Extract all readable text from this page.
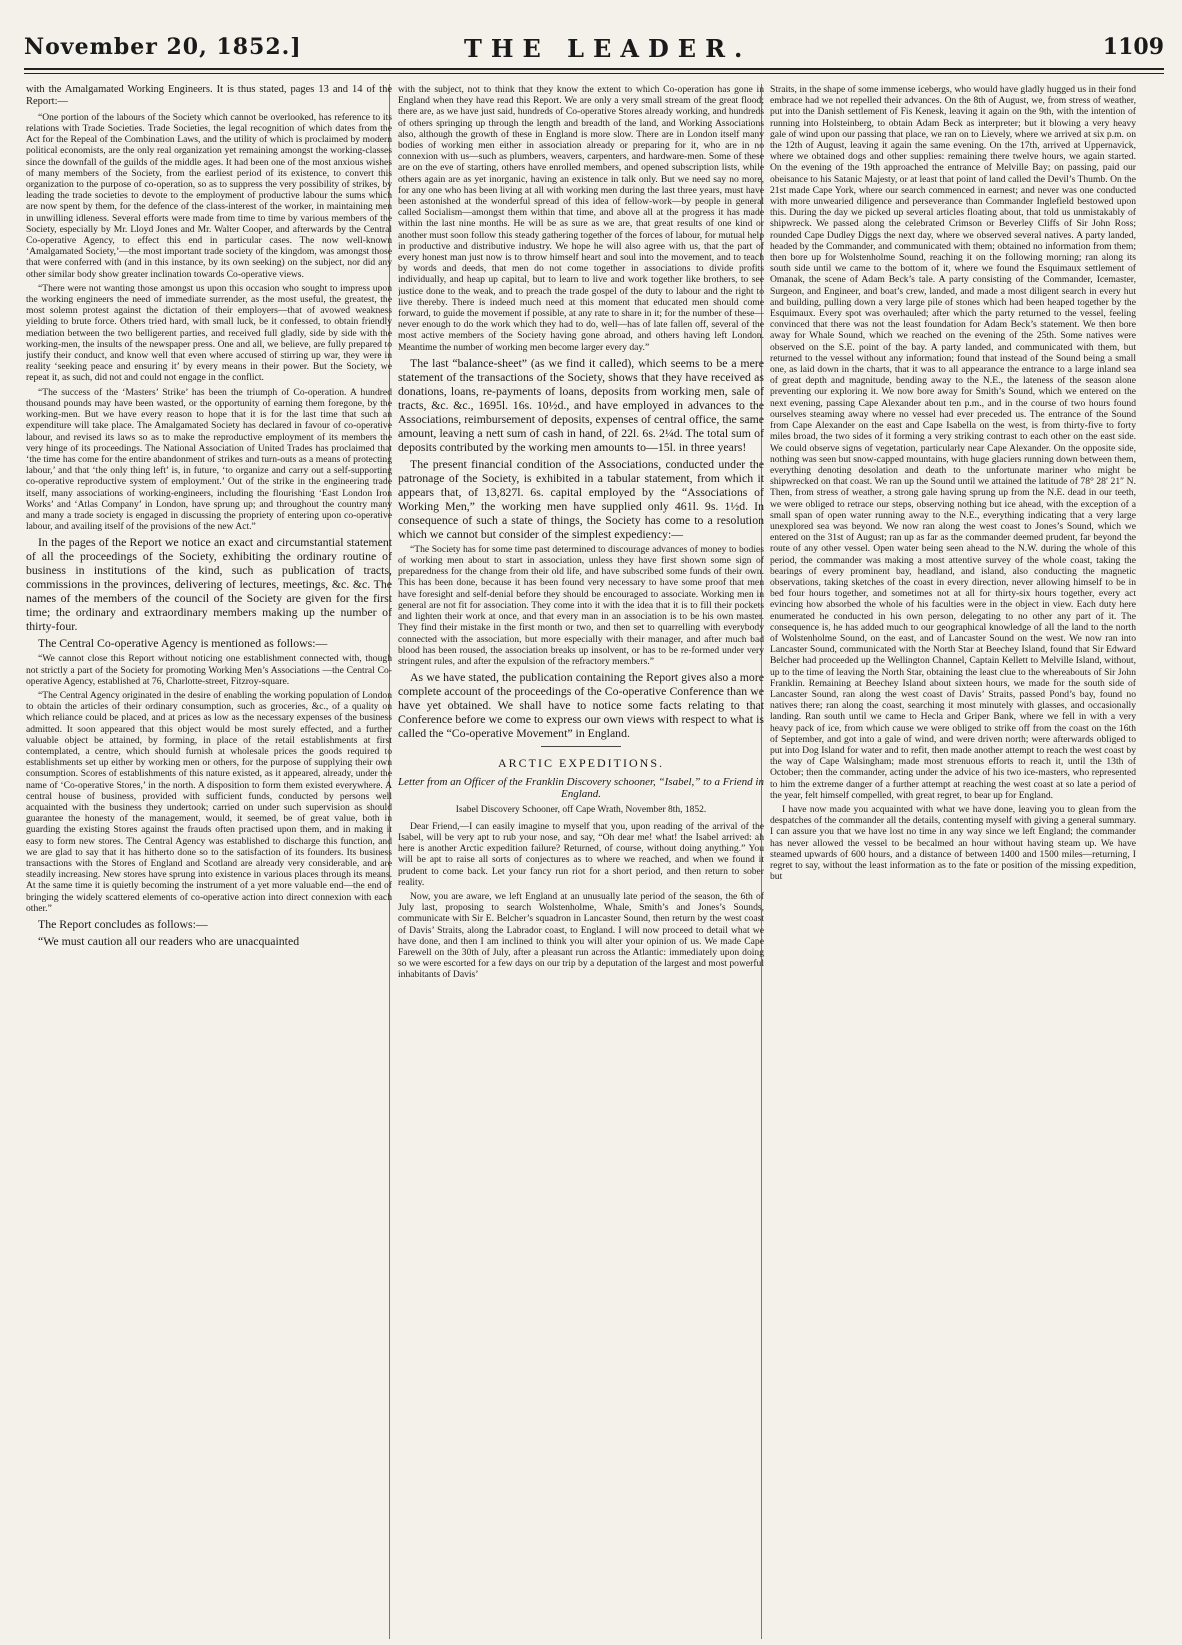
November 20, 1852.]	THE LEADER.	1109

with the Amalgamated Working Engineers. It is thus stated, pages 13 and 14 of the Report:—

“One portion of the labours of the Society which cannot be overlooked, has reference to its relations with Trade Societies. Trade Societies, the legal recognition of which dates from the Act for the Repeal of the Combination Laws, and the utility of which is proclaimed by modern political economists, are the only real organization yet remaining amongst the working-classes since the downfall of the guilds of the middle ages. It had been one of the most anxious wishes of many members of the Society, from the earliest period of its existence, to convert this organization to the purpose of co-operation, so as to suppress the very possibility of strikes, by leading the trade societies to devote to the employment of productive labour the sums which are now spent by them, for the defence of the class-interest of the worker, in maintaining men in unwilling idleness. Several efforts were made from time to time by various members of the Society, especially by Mr. Lloyd Jones and Mr. Walter Cooper, and afterwards by the Central Co-operative Agency, to effect this end in particular cases. The now well-known ‘Amalgamated Society,’—the most important trade society of the kingdom, was amongst those that were conferred with (and in this instance, by its own seeking) on the subject, nor did any other similar body show greater inclination towards Co-operative views.

“There were not wanting those amongst us upon this occasion who sought to impress upon the working engineers the need of immediate surrender, as the most useful, the greatest, the most solemn protest against the dictation of their employers—that of avowed weakness yielding to brute force. Others tried hard, with small luck, be it confessed, to obtain friendly mediation between the two belligerent parties, and received full gladly, side by side with the working-men, the insults of the newspaper press. One and all, we believe, are fully prepared to justify their conduct, and know well that even where accused of stirring up war, they were in reality ‘seeking peace and ensuring it’ by every means in their power. But the Society, we repeat it, as such, did not and could not engage in the conflict.

“The success of the ‘Masters’ Strike’ has been the triumph of Co-operation. A hundred thousand pounds may have been wasted, or the opportunity of earning them foregone, by the working-men. But we have every reason to hope that it is for the last time that such an expenditure will take place. The Amalgamated Society has declared in favour of co-operative labour, and revised its laws so as to make the reproductive employment of its members the very hinge of its proceedings. The National Association of United Trades has proclaimed that ‘the time has come for the entire abandonment of strikes and turn-outs as a means of protecting labour,’ and that ‘the only thing left’ is, in future, ‘to organize and carry out a self-supporting co-operative reproductive system of employment.’ Out of the strike in the engineering trade itself, many associations of working-engineers, including the flourishing ‘East London Iron Works’ and ‘Atlas Company’ in London, have sprung up; and throughout the country many and many a trade society is engaged in discussing the propriety of entering upon co-operative labour, and availing itself of the provisions of the new Act.”

In the pages of the Report we notice an exact and circumstantial statement of all the proceedings of the Society, exhibiting the ordinary routine of business in institutions of the kind, such as publication of tracts, commissions in the provinces, delivering of lectures, meetings, &c. &c. The names of the members of the council of the Society are given for the first time; the ordinary and extraordinary members making up the number of thirty-four.

The Central Co-operative Agency is mentioned as follows:—

“We cannot close this Report without noticing one establishment connected with, though not strictly a part of the Society for promoting Working Men’s Associations —the Central Co-operative Agency, established at 76, Charlotte-street, Fitzroy-square.

“The Central Agency originated in the desire of enabling the working population of London to obtain the articles of their ordinary consumption, such as groceries, &c., of a quality on which reliance could be placed, and at prices as low as the necessary expenses of the business admitted. It soon appeared that this object would be most surely effected, and a further valuable object be attained, by forming, in place of the retail establishments at first contemplated, a centre, which should furnish at wholesale prices the goods required to establishments set up either by working men or others, for the purpose of supplying their own consumption. Scores of establishments of this nature existed, as it appeared, already, under the name of ‘Co-operative Stores,’ in the north. A disposition to form them existed everywhere. A central house of business, provided with sufficient funds, conducted by persons well acquainted with the business they undertook; carried on under such supervision as should guarantee the honesty of the management, would, it seemed, be of great value, both in guarding the existing Stores against the frauds often practised upon them, and in making it easy to form new stores. The Central Agency was established to discharge this function, and we are glad to say that it has hitherto done so to the satisfaction of its founders. Its business transactions with the Stores of England and Scotland are already very considerable, and are steadily increasing. New stores have sprung into existence in various places through its means. At the same time it is quietly becoming the instrument of a yet more valuable end—the end of bringing the widely scattered elements of co-operative action into direct connexion with each other.”

The Report concludes as follows:—

“We must caution all our readers who are unacquainted

with the subject, not to think that they know the extent to which Co-operation has gone in England when they have read this Report. We are only a very small stream of the great flood; there are, as we have just said, hundreds of Co-operative Stores already working, and hundreds of others springing up through the length and breadth of the land, and Working Associations also, although the growth of these in England is more slow. There are in London itself many bodies of working men either in association already or preparing for it, who are in no connexion with us—such as plumbers, weavers, carpenters, and hardware-men. Some of these are on the eve of starting, others have enrolled members, and opened subscription lists, while others again are as yet inorganic, having an existence in talk only. But we need say no more, for any one who has been living at all with working men during the last three years, must have been astonished at the wonderful spread of this idea of fellow-work—by people in general called Socialism—amongst them within that time, and above all at the progress it has made within the last nine months. He will be as sure as we are, that great results of one kind or another must soon follow this steady gathering together of the forces of labour, for mutual help in productive and distributive industry. We hope he will also agree with us, that the part of every honest man just now is to throw himself heart and soul into the movement, and to teach by words and deeds, that men do not come together in associations to divide profits individually, and heap up capital, but to learn to live and work together like brothers, to see justice done to the weak, and to preach the trade gospel of the duty to labour and the right to live thereby. There is indeed much need at this moment that educated men should come forward, to guide the movement if possible, at any rate to share in it; for the number of these—never enough to do the work which they had to do, well—has of late fallen off, several of the most active members of the Society having gone abroad, and others having left London. Meantime the number of working men become larger every day.”

The last “balance-sheet” (as we find it called), which seems to be a mere statement of the transactions of the Society, shows that they have received as donations, loans, re-payments of loans, deposits from working men, sale of tracts, &c. &c., 1695l. 16s. 10½d., and have employed in advances to the Associations, reimbursement of deposits, expenses of central office, the same amount, leaving a nett sum of cash in hand, of 22l. 6s. 2¼d. The total sum of deposits contributed by the working men amounts to—15l. in three years!

The present financial condition of the Associations, conducted under the patronage of the Society, is exhibited in a tabular statement, from which it appears that, of 13,827l. 6s. capital employed by the “Associations of Working Men,” the working men have supplied only 461l. 9s. 1½d. In consequence of such a state of things, the Society has come to a resolution which we cannot but consider of the simplest expediency:—

“The Society has for some time past determined to discourage advances of money to bodies of working men about to start in association, unless they have first shown some sign of preparedness for the change from their old life, and have subscribed some funds of their own. This has been done, because it has been found very necessary to have some proof that men have foresight and self-denial before they should be encouraged to associate. Working men in general are not fit for association. They come into it with the idea that it is to fill their pockets and lighten their work at once, and that every man in an association is to be his own master. They find their mistake in the first month or two, and then set to quarrelling with everybody connected with the association, but more especially with their manager, and after much bad blood has been roused, the association breaks up insolvent, or has to be re-formed under very stringent rules, and after the expulsion of the refractory members.”

As we have stated, the publication containing the Report gives also a more complete account of the proceedings of the Co-operative Conference than we have yet obtained. We shall have to notice some facts relating to that Conference before we come to express our own views with respect to what is called the “Co-operative Movement” in England.

ARCTIC EXPEDITIONS.

Letter from an Officer of the Franklin Discovery schooner, “Isabel,” to a Friend in England.

Isabel Discovery Schooner, off Cape Wrath, November 8th, 1852.

Dear Friend,—I can easily imagine to myself that you, upon reading of the arrival of the Isabel, will be very apt to rub your nose, and say, “Oh dear me! what! the Isabel arrived: ah here is another Arctic expedition failure? Returned, of course, without doing anything.” You will be apt to raise all sorts of conjectures as to where we reached, and when we found it prudent to come back. Let your fancy run riot for a short period, and then return to sober reality.

Now, you are aware, we left England at an unusually late period of the season, the 6th of July last, proposing to search Wolstenholme, Whale, Smith’s and Jones’s Sounds, communicate with Sir E. Belcher’s squadron in Lancaster Sound, then return by the west coast of Davis’ Straits, along the Labrador coast, to England. I will now proceed to detail what we have done, and then I am inclined to think you will alter your opinion of us. We made Cape Farewell on the 30th of July, after a pleasant run across the Atlantic: immediately upon doing so we were escorted for a few days on our trip by a deputation of the largest and most powerful inhabitants of Davis’

Straits, in the shape of some immense icebergs, who would have gladly hugged us in their fond embrace had we not repelled their advances. On the 8th of August, we, from stress of weather, put into the Danish settlement of Fis Kenesk, leaving it again on the 9th, with the intention of running into Holsteinberg, to obtain Adam Beck as interpreter; but it blowing a very heavy gale of wind upon our passing that place, we ran on to Lievely, where we arrived at six p.m. on the 12th of August, leaving it again the same evening. On the 17th, arrived at Uppernavick, where we obtained dogs and other supplies: remaining there twelve hours, we again started. On the evening of the 19th approached the entrance of Melville Bay; on passing, paid our obeisance to his Satanic Majesty, or at least that point of land called the Devil’s Thumb. On the 21st made Cape York, where our search commenced in earnest; and never was one conducted with more unwearied diligence and perseverance than Commander Inglefield bestowed upon this. During the day we picked up several articles floating about, that told us unmistakably of shipwreck. We passed along the celebrated Crimson or Beverley Cliffs of Sir John Ross; rounded Cape Dudley Diggs the next day, where we observed several natives. A party landed, headed by the Commander, and communicated with them; obtained no information from them; then bore up for Wolstenholme Sound, reaching it on the following morning; ran along its south side until we came to the bottom of it, where we found the Esquimaux settlement of Omanak, the scene of Adam Beck’s tale. A party consisting of the Commander, Icemaster, Surgeon, and Engineer, and boat’s crew, landed, and made a most diligent search in every hut and building, pulling down a very large pile of stones which had been heaped together by the Esquimaux. Every spot was overhauled; after which the party returned to the vessel, feeling convinced that there was not the least foundation for Adam Beck’s statement. We then bore away for Whale Sound, which we reached on the evening of the 25th. Some natives were observed on the S.E. point of the bay. A party landed, and communicated with them, but returned to the vessel without any information; found that instead of the Sound being a small one, as laid down in the charts, that it was to all appearance the entrance to a large inland sea of great depth and magnitude, bending away to the N.E., the lateness of the season alone preventing our exploring it. We now bore away for Smith’s Sound, which we entered on the next evening, passing Cape Alexander about ten p.m., and in the course of two hours found ourselves steaming away where no vessel had ever preceded us. The entrance of the Sound from Cape Alexander on the east and Cape Isabella on the west, is from thirty-five to forty miles broad, the two sides of it forming a very striking contrast to each other on the east side. We could observe signs of vegetation, particularly near Cape Alexander. On the opposite side, nothing was seen but snow-capped mountains, with huge glaciers running down between them, everything denoting desolation and death to the unfortunate mariner who might be shipwrecked on that coast. We ran up the Sound until we attained the latitude of 78° 28′ 21″ N. Then, from stress of weather, a strong gale having sprung up from the N.E. dead in our teeth, we were obliged to retrace our steps, observing nothing but ice ahead, with the exception of a small span of open water running away to the N.E., everything indicating that a very large unexplored sea was beyond. We now ran along the west coast to Jones’s Sound, which we entered on the 31st of August; ran up as far as the commander deemed prudent, far beyond the route of any other vessel. Open water being seen ahead to the N.W. during the whole of this period, the commander was making a most attentive survey of the whole coast, taking the bearings of every prominent bay, headland, and island, also conducting the magnetic observations, taking sketches of the coast in every direction, never allowing himself to be in bed four hours together, and sometimes not at all for thirty-six hours together, every act evincing how absorbed the whole of his faculties were in the object in view. Each duty here enumerated he conducted in his own person, delegating to no other any part of it. The consequence is, he has added much to our geographical knowledge of all the land to the north of Wolstenholme Sound, on the east, and of Lancaster Sound on the west. We now ran into Lancaster Sound, communicated with the North Star at Beechey Island, found that Sir Edward Belcher had proceeded up the Wellington Channel, Captain Kellett to Melville Island, without, up to the time of leaving the North Star, obtaining the least clue to the whereabouts of Sir John Franklin. Remaining at Beechey Island about sixteen hours, we made for the south side of Lancaster Sound, ran along the west coast of Davis’ Straits, passed Pond’s bay, found no natives there; ran along the coast, searching it most minutely with glasses, and occasionally landing. Ran south until we came to Hecla and Griper Bank, where we fell in with a very heavy pack of ice, from which cause we were obliged to strike off from the coast on the 16th of September, and got into a gale of wind, and were driven north; were afterwards obliged to put into Dog Island for water and to refit, then made another attempt to reach the west coast by the way of Cape Walsingham; made most strenuous efforts to reach it, until the 13th of October; then the commander, acting under the advice of his two ice-masters, who represented to him the extreme danger of a further attempt at reaching the west coast at so late a period of the year, felt himself compelled, with great regret, to bear up for England.

I have now made you acquainted with what we have done, leaving you to glean from the despatches of the commander all the details, contenting myself with giving a general summary. I can assure you that we have lost no time in any way since we left England; the commander has never allowed the vessel to be becalmed an hour without having steam up. We have steamed upwards of 600 hours, and a distance of between 1400 and 1500 miles—returning, I regret to say, without the least information as to the fate or position of the missing expedition, but
